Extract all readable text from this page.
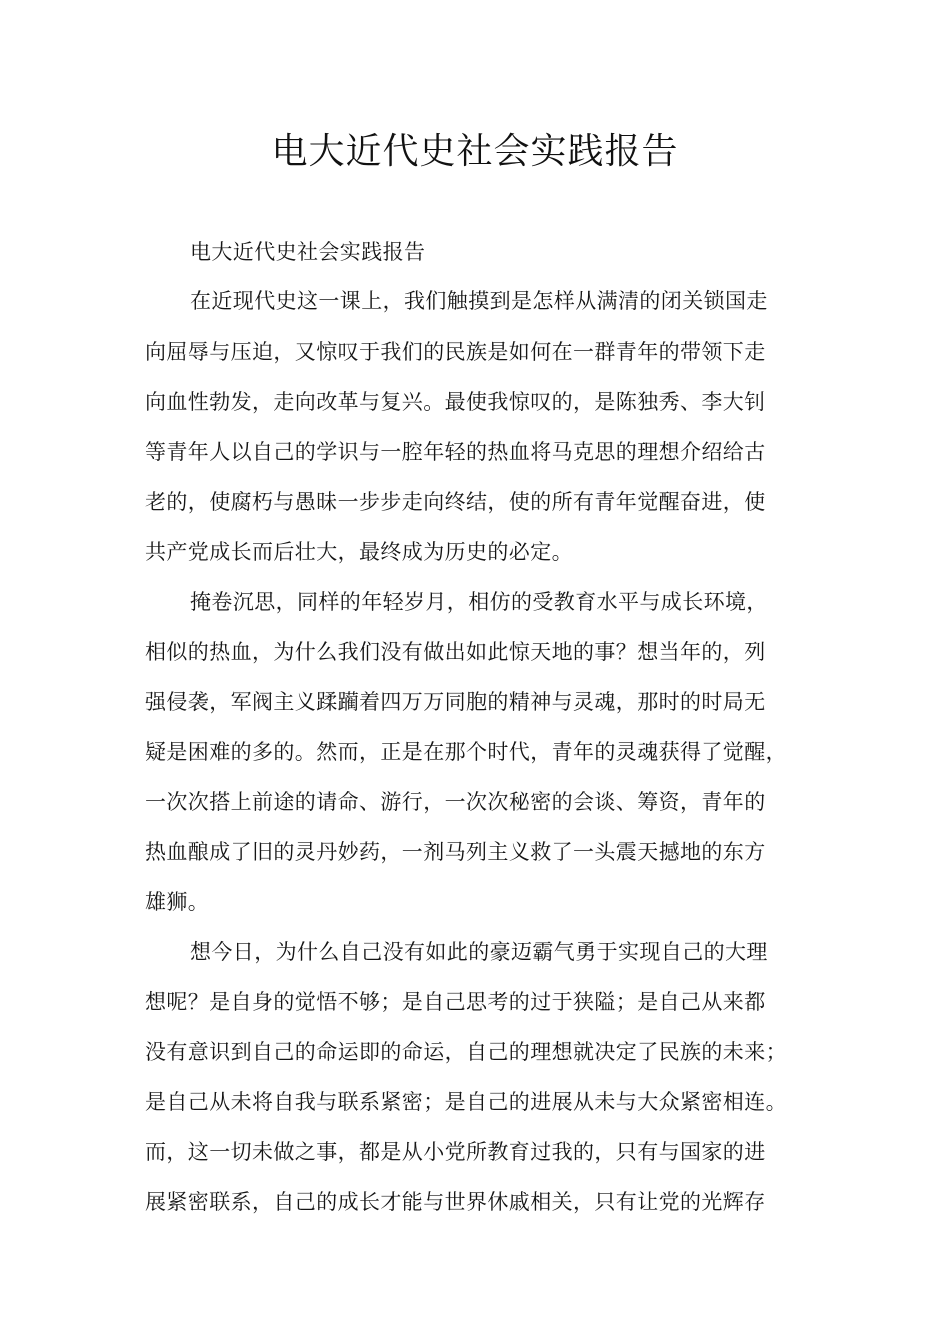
电大近代史社会实践报告
电大近代史社会实践报告
在近现代史这一课上，我们触摸到是怎样从满清的闭关锁国走
向屈辱与压迫，又惊叹于我们的民族是如何在一群青年的带领下走
向血性勃发，走向改革与复兴。最使我惊叹的，是陈独秀、李大钊
等青年人以自己的学识与一腔年轻的热血将马克思的理想介绍给古
老的，使腐朽与愚昧一步步走向终结，使的所有青年觉醒奋进，使
共产党成长而后壮大，最终成为历史的必定。
掩卷沉思，同样的年轻岁月，相仿的受教育水平与成长环境，
相似的热血，为什么我们没有做出如此惊天地的事？想当年的，列
强侵袭，军阀主义蹂躏着四万万同胞的精神与灵魂，那时的时局无
疑是困难的多的。然而，正是在那个时代，青年的灵魂获得了觉醒，
一次次搭上前途的请命、游行，一次次秘密的会谈、筹资，青年的
热血酿成了旧的灵丹妙药，一剂马列主义救了一头震天撼地的东方
雄狮。
想今日，为什么自己没有如此的豪迈霸气勇于实现自己的大理
想呢？是自身的觉悟不够；是自己思考的过于狭隘；是自己从来都
没有意识到自己的命运即的命运，自己的理想就决定了民族的未来；
是自己从未将自我与联系紧密；是自己的进展从未与大众紧密相连。
而，这一切未做之事，都是从小党所教育过我的，只有与国家的进
展紧密联系，自己的成长才能与世界休戚相关，只有让党的光辉存
